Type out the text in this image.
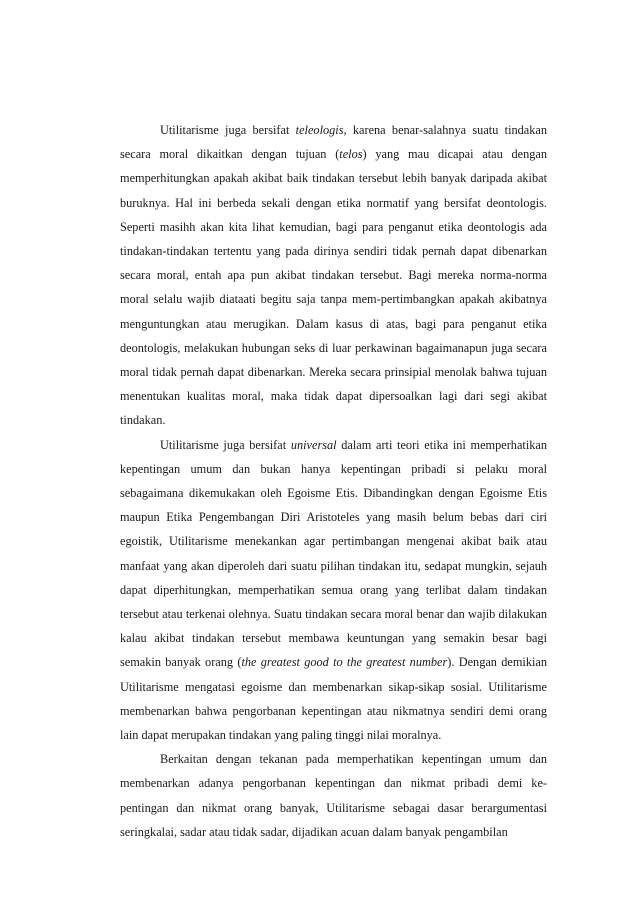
Utilitarisme juga bersifat teleologis, karena benar-salahnya suatu tindakan secara moral dikaitkan dengan tujuan (telos) yang mau dicapai atau dengan memperhitungkan apakah akibat baik tindakan tersebut lebih banyak daripada akibat buruknya. Hal ini berbeda sekali dengan etika normatif yang bersifat deontologis. Seperti masihh akan kita lihat kemudian, bagi para penganut etika deontologis ada tindakan-tindakan tertentu yang pada dirinya sendiri tidak pernah dapat dibenarkan secara moral, entah apa pun akibat tindakan tersebut. Bagi mereka norma-norma moral selalu wajib diataati begitu saja tanpa mem-pertimbangkan apakah akibatnya menguntungkan atau merugikan. Dalam kasus di atas, bagi para penganut etika deontologis, melakukan hubungan seks di luar perkawinan bagaimanapun juga secara moral tidak pernah dapat dibenarkan. Mereka secara prinsipial menolak bahwa tujuan menentukan kualitas moral, maka tidak dapat dipersoalkan lagi dari segi akibat tindakan.

Utilitarisme juga bersifat universal dalam arti teori etika ini memperhatikan kepentingan umum dan bukan hanya kepentingan pribadi si pelaku moral sebagaimana dikemukakan oleh Egoisme Etis. Dibandingkan dengan Egoisme Etis maupun Etika Pengembangan Diri Aristoteles yang masih belum bebas dari ciri egoistik, Utilitarisme menekankan agar pertimbangan mengenai akibat baik atau manfaat yang akan diperoleh dari suatu pilihan tindakan itu, sedapat mungkin, sejauh dapat diperhitungkan, memperhatikan semua orang yang terlibat dalam tindakan tersebut atau terkenai olehnya. Suatu tindakan secara moral benar dan wajib dilakukan kalau akibat tindakan tersebut membawa keuntungan yang semakin besar bagi semakin banyak orang (the greatest good to the greatest number). Dengan demikian Utilitarisme mengatasi egoisme dan membenarkan sikap-sikap sosial. Utilitarisme membenarkan bahwa pengorbanan kepentingan atau nikmatnya sendiri demi orang lain dapat merupakan tindakan yang paling tinggi nilai moralnya.

Berkaitan dengan tekanan pada memperhatikan kepentingan umum dan membenarkan adanya pengorbanan kepentingan dan nikmat pribadi demi ke-pentingan dan nikmat orang banyak, Utilitarisme sebagai dasar berargumentasi seringkalai, sadar atau tidak sadar, dijadikan acuan dalam banyak pengambilan
